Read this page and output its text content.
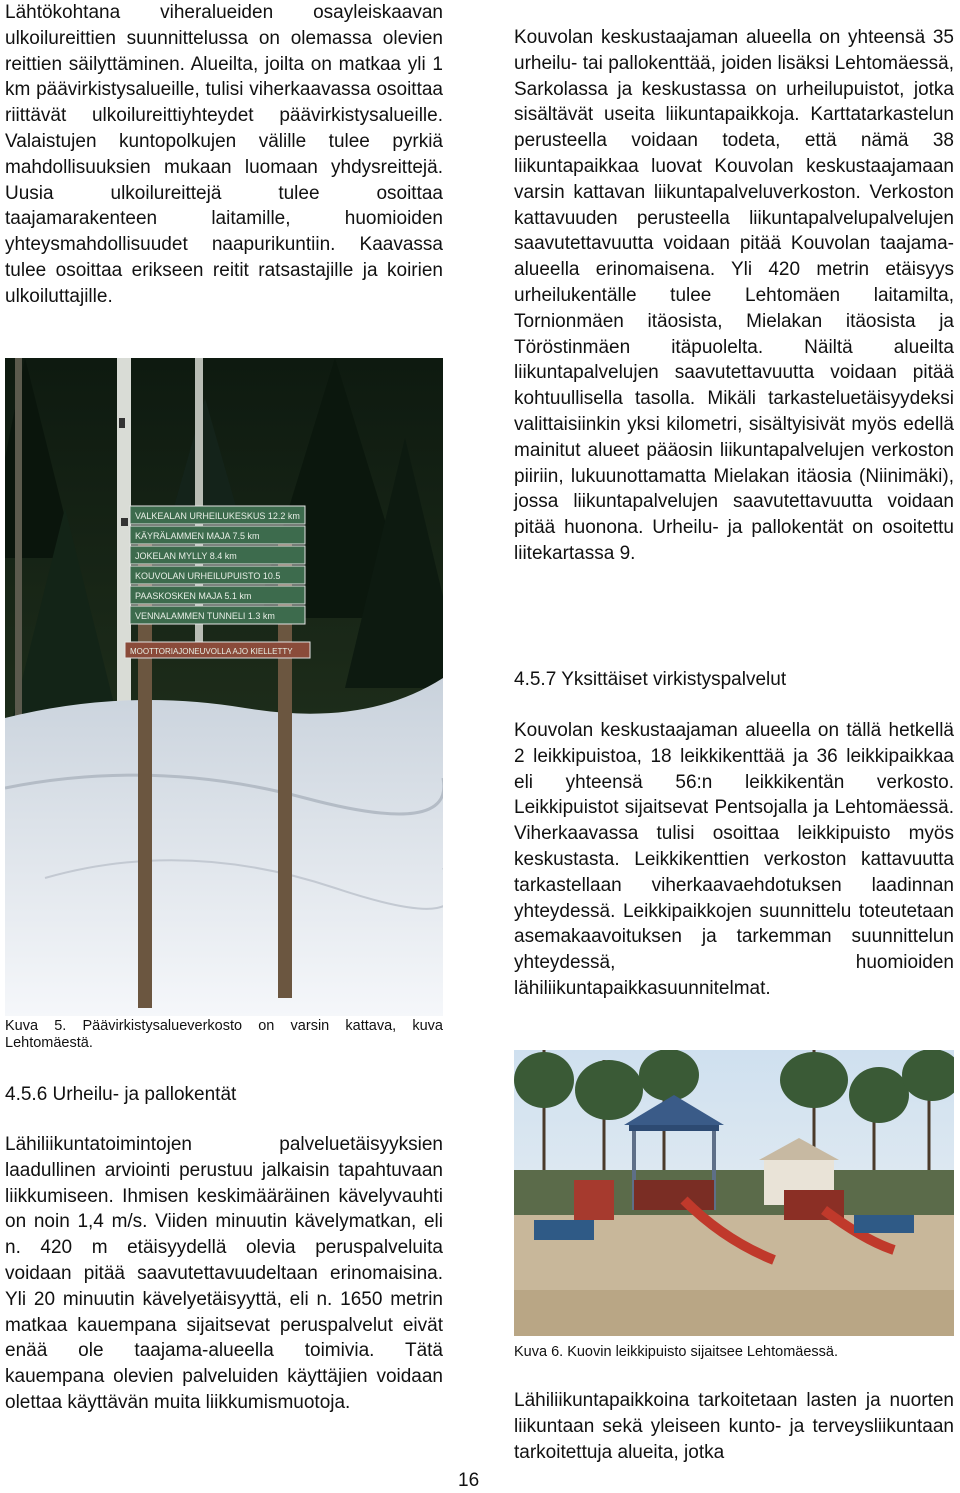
Lähtökohtana viheralueiden osayleiskaavan ulkoilureittien suunnittelussa on olemassa olevien reittien säilyttäminen. Alueilta, joilta on matkaa yli 1 km päävirkistysalueille, tulisi viherkaavassa osoittaa riittävät ulkoilureittiyhteydet päävirkistysalueille. Valaistujen kuntopolkujen välille tulee pyrkiä mahdollisuuksien mukaan luomaan yhdysreittejä. Uusia ulkoilureittejä tulee osoittaa taajamarakenteen laitamille, huomioiden yhteysmahdollisuudet naapurikuntiin. Kaavassa tulee osoittaa erikseen reitit ratsastajille ja koirien ulkoiluttajille.

VALKEALAN URHEILUKESKUS 12.2 km
KÄYRÄLAMMEN MAJA 7.5 km
JOKELAN MYLLY 8.4 km
KOUVOLAN URHEILUPUISTO 10.5
PAASKOSKEN MAJA 5.1 km
VENNALAMMEN TUNNELI 1.3 km
MOOTTORIAJONEUVOLLA AJO KIELLETTY

Kuva 5. Päävirkistysalueverkosto on varsin kattava, kuva Lehtomäestä.

4.5.6 Urheilu- ja pallokentät

Lähiliikuntatoimintojen palveluetäisyyksien laadullinen arviointi perustuu jalkaisin tapahtuvaan liikkumiseen. Ihmisen keskimääräinen kävelyvauhti on noin 1,4 m/s. Viiden minuutin kävelymatkan, eli n. 420 m etäisyydellä olevia peruspalveluita voidaan pitää saavutettavuudeltaan erinomaisina. Yli 20 minuutin kävelyetäisyyttä, eli n. 1650 metrin matkaa kauempana sijaitsevat peruspalvelut eivät enää ole taajama-alueella toimivia. Tätä kauempana olevien palveluiden käyttäjien voidaan olettaa käyttävän muita liikkumismuotoja.

Kouvolan keskustaajaman alueella on yhteensä 35 urheilu- tai pallokenttää, joiden lisäksi Lehtomäessä, Sarkolassa ja keskustassa on urheilupuistot, jotka sisältävät useita liikuntapaikkoja. Karttatarkastelun perusteella voidaan todeta, että nämä 38 liikuntapaikkaa luovat Kouvolan keskustaajamaan varsin kattavan liikuntapalveluverkoston. Verkoston kattavuuden perusteella liikuntapalvelupalvelujen saavutettavuutta voidaan pitää Kouvolan taajama-alueella erinomaisena. Yli 420 metrin etäisyys urheilukentälle tulee Lehtomäen laitamilta, Tornionmäen itäosista, Mielakan itäosista ja Töröstinmäen itäpuolelta. Näiltä alueilta liikuntapalvelujen saavutettavuutta voidaan pitää kohtuullisella tasolla. Mikäli tarkasteluetäisyydeksi valittaisiinkin yksi kilometri, sisältyisivät myös edellä mainitut alueet pääosin liikuntapalvelujen verkoston piiriin, lukuunottamatta Mielakan itäosia (Niinimäki), jossa liikuntapalvelujen saavutettavuutta voidaan pitää huonona. Urheilu- ja pallokentät on osoitettu liitekartassa 9.

4.5.7 Yksittäiset virkistyspalvelut

Kouvolan keskustaajaman alueella on tällä hetkellä 2 leikkipuistoa, 18 leikkikenttää ja 36 leikkipaikkaa eli yhteensä 56:n leikkikentän verkosto. Leikkipuistot sijaitsevat Pentsojalla ja Lehtomäessä. Viherkaavassa tulisi osoittaa leikkipuisto myös keskustasta. Leikkikenttien verkoston kattavuutta tarkastellaan viherkaavaehdotuksen laadinnan yhteydessä. Leikkipaikkojen suunnittelu toteutetaan asemakaavoituksen ja tarkemman suunnittelun yhteydessä, huomioiden lähiliikuntapaikkasuunnitelmat.

Kuva 6. Kuovin leikkipuisto sijaitsee Lehtomäessä.

Lähiliikuntapaikkoina tarkoitetaan lasten ja nuorten liikuntaan sekä yleiseen kunto- ja terveysliikuntaan tarkoitettuja alueita, jotka

16
